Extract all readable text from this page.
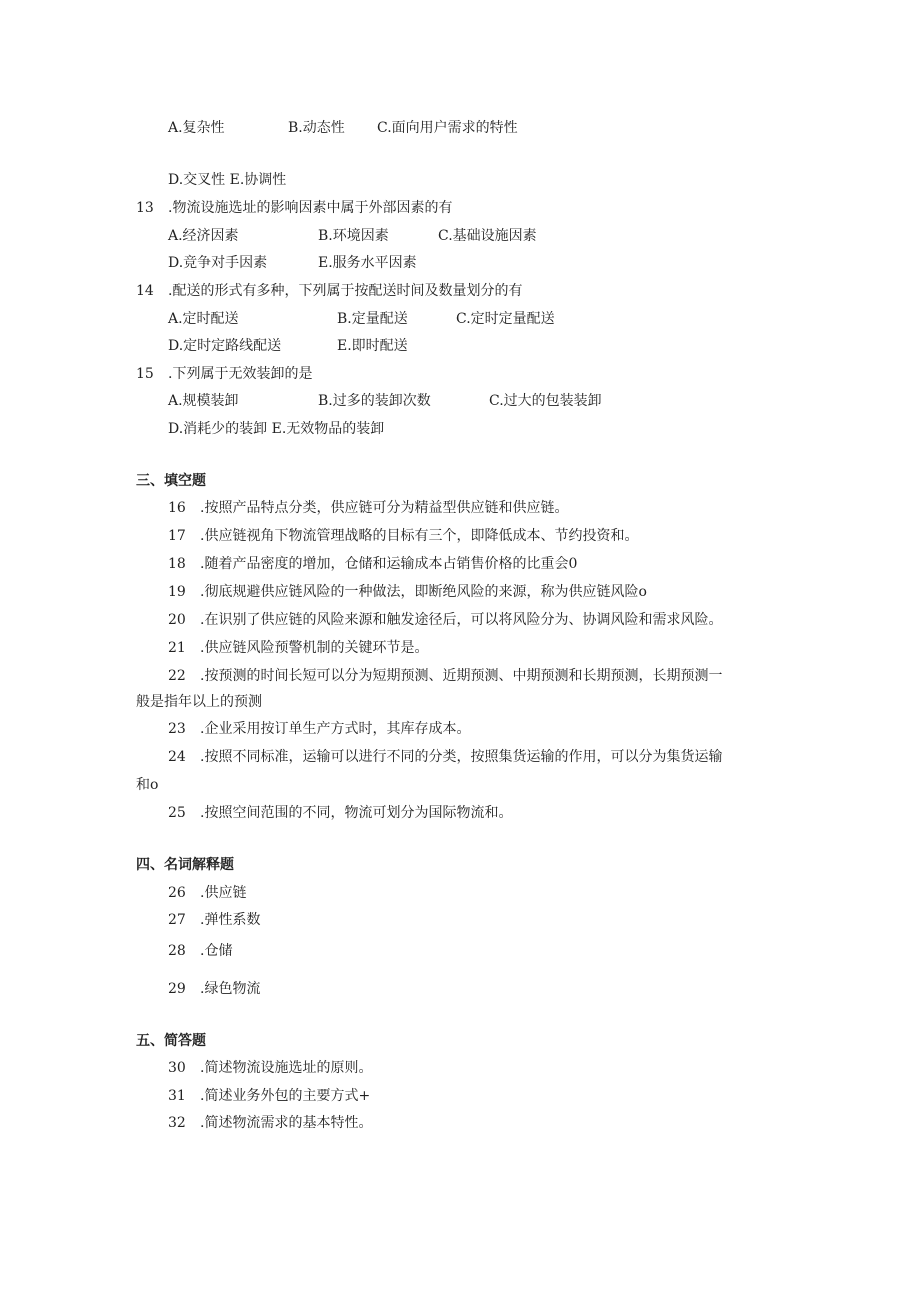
A.复杂性	B.动态性 C.面向用户需求的特性
D.交叉性 E.协调性
13 .物流设施选址的影响因素中属于外部因素的有
A.经济因素	B.环境因素	C.基础设施因素
D.竞争对手因素	E.服务水平因素
14 .配送的形式有多种，下列属于按配送时间及数量划分的有
A.定时配送	B.定量配送	C.定时定量配送
D.定时定路线配送	E.即时配送
15 .下列属于无效装卸的是
A.规模装卸	B.过多的装卸次数	C.过大的包装装卸
D.消耗少的装卸 E.无效物品的装卸
三、填空题
16 .按照产品特点分类，供应链可分为精益型供应链和供应链。
17 .供应链视角下物流管理战略的目标有三个，即降低成本、节约投资和。
18 .随着产品密度的增加，仓储和运输成本占销售价格的比重会0
19 .彻底规避供应链风险的一种做法，即断绝风险的来源，称为供应链风险o
20 .在识别了供应链的风险来源和触发途径后，可以将风险分为、协调风险和需求风险。
21 .供应链风险预警机制的关键环节是。
22 .按预测的时间长短可以分为短期预测、近期预测、中期预测和长期预测，长期预测一
般是指年以上的预测
23 .企业采用按订单生产方式时，其库存成本。
24 .按照不同标准，运输可以进行不同的分类，按照集货运输的作用，可以分为集货运输
和o
25 .按照空间范围的不同，物流可划分为国际物流和。
四、名词解释题
26 .供应链
27 .弹性系数
28 .仓储
29 .绿色物流
五、简答题
30 .简述物流设施选址的原则。
31 .简述业务外包的主要方式+
32 .简述物流需求的基本特性。
